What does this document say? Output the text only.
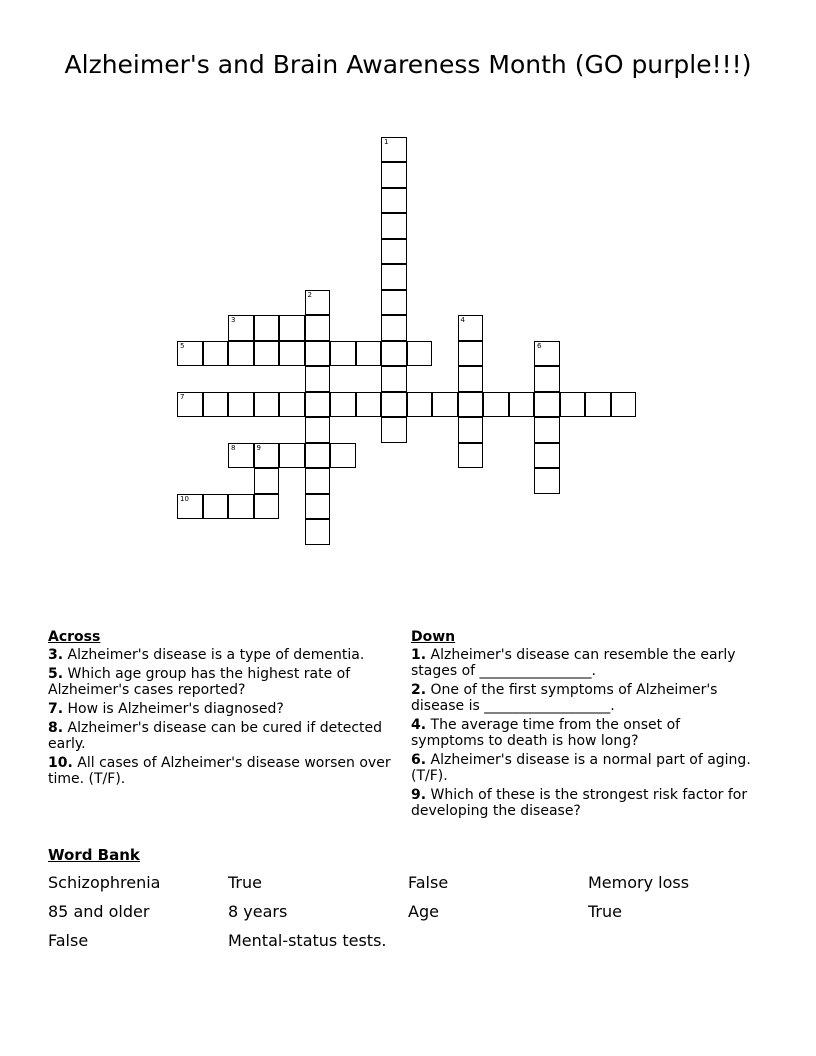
Alzheimer's and Brain Awareness Month (GO purple!!!)
1
2
3	4
5	6
7
8	9
10
Across
3. Alzheimer's disease is a type of dementia.
5. Which age group has the highest rate of Alzheimer's cases reported?
7. How is Alzheimer's diagnosed?
8. Alzheimer's disease can be cured if detected early.
10. All cases of Alzheimer's disease worsen over time. (T/F).
Down
1. Alzheimer's disease can resemble the early stages of ________________.
2. One of the first symptoms of Alzheimer's disease is __________________.
4. The average time from the onset of symptoms to death is how long?
6. Alzheimer's disease is a normal part of aging. (T/F).
9. Which of these is the strongest risk factor for developing the disease?
Word Bank
Schizophrenia	True	False	Memory loss
85 and older	8 years	Age	True
False	Mental-status tests.
